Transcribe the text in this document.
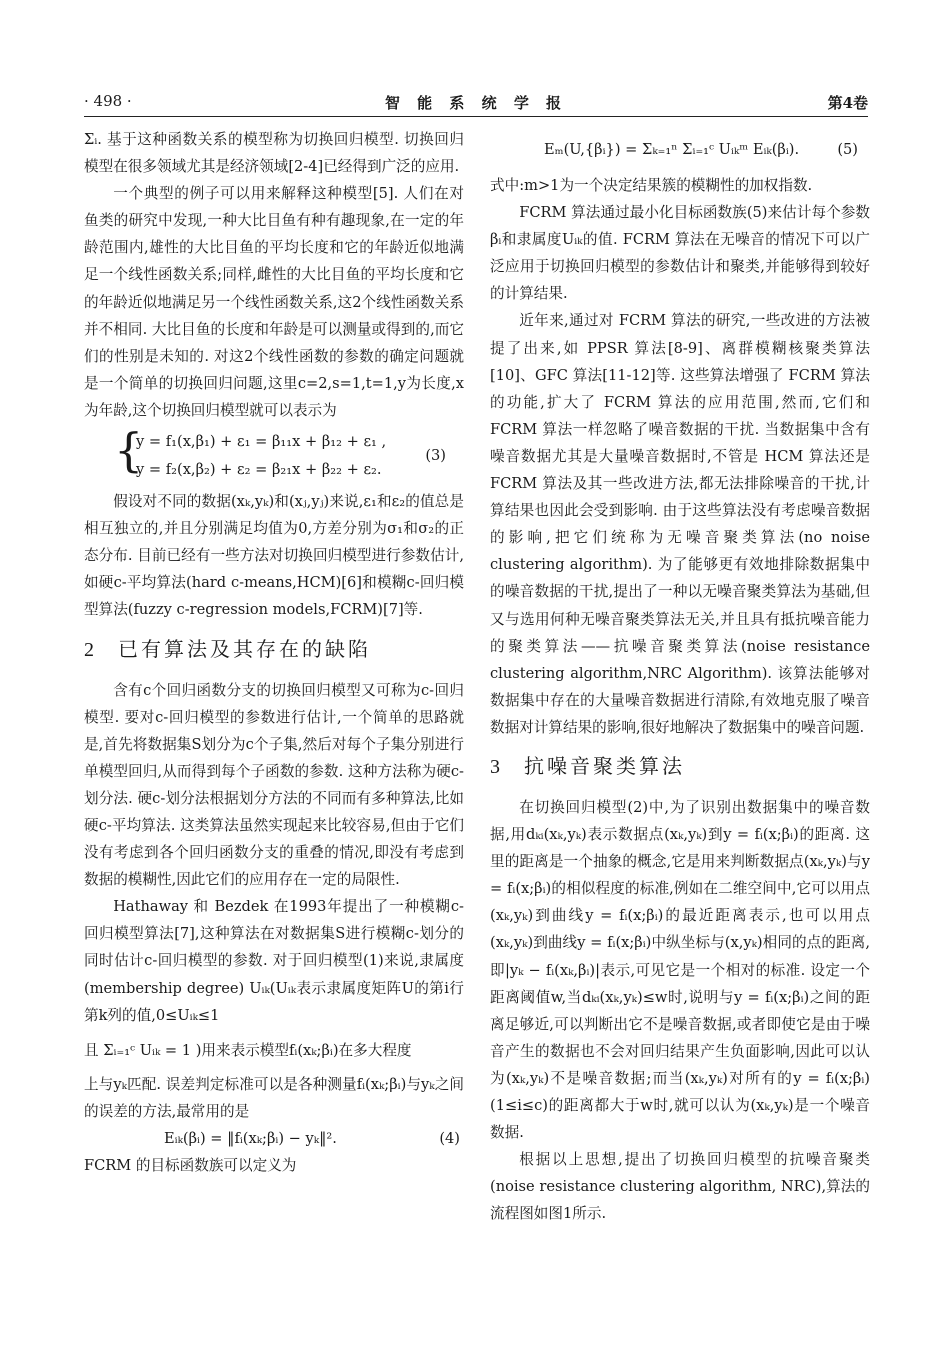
· 498 ·	智 能 系 统 学 报	第4卷

Σᵢ. 基于这种函数关系的模型称为切换回归模型. 切换回归模型在很多领域尤其是经济领域[2-4]已经得到广泛的应用.

一个典型的例子可以用来解释这种模型[5]. 人们在对鱼类的研究中发现,一种大比目鱼有种有趣现象,在一定的年龄范围内,雄性的大比目鱼的平均长度和它的年龄近似地满足一个线性函数关系;同样,雌性的大比目鱼的平均长度和它的年龄近似地满足另一个线性函数关系,这2个线性函数关系并不相同. 大比目鱼的长度和年龄是可以测量或得到的,而它们的性别是未知的. 对这2个线性函数的参数的确定问题就是一个简单的切换回归问题,这里c=2,s=1,t=1,y为长度,x为年龄,这个切换回归模型就可以表示为

{
y = f₁(x,β₁) + ε₁ = β₁₁x + β₁₂ + ε₁ ,
y = f₂(x,β₂) + ε₂ = β₂₁x + β₂₂ + ε₂.
(3)

假设对不同的数据(xₖ,yₖ)和(xⱼ,yⱼ)来说,ε₁和ε₂的值总是相互独立的,并且分别满足均值为0,方差分别为σ₁和σ₂的正态分布. 目前已经有一些方法对切换回归模型进行参数估计,如硬c-平均算法(hard c-means,HCM)[6]和模糊c-回归模型算法(fuzzy c-regression models,FCRM)[7]等.

2 已有算法及其存在的缺陷

含有c个回归函数分支的切换回归模型又可称为c-回归模型. 要对c-回归模型的参数进行估计,一个简单的思路就是,首先将数据集S划分为c个子集,然后对每个子集分别进行单模型回归,从而得到每个子函数的参数. 这种方法称为硬c-划分法. 硬c-划分法根据划分方法的不同而有多种算法,比如硬c-平均算法. 这类算法虽然实现起来比较容易,但由于它们没有考虑到各个回归函数分支的重叠的情况,即没有考虑到数据的模糊性,因此它们的应用存在一定的局限性.

Hathaway 和 Bezdek 在1993年提出了一种模糊c-回归模型算法[7],这种算法在对数据集S进行模糊c-划分的同时估计c-回归模型的参数. 对于回归模型(1)来说,隶属度(membership degree) Uᵢₖ(Uᵢₖ表示隶属度矩阵U的第i行第k列的值,0≤Uᵢₖ≤1

且 Σᵢ₌₁ᶜ Uᵢₖ = 1 )用来表示模型fᵢ(xₖ;βᵢ)在多大程度

上与yₖ匹配. 误差判定标准可以是各种测量fᵢ(xₖ;βᵢ)与yₖ之间的误差的方法,最常用的是

Eᵢₖ(βᵢ) = ‖fᵢ(xₖ;βᵢ) − yₖ‖².	(4)

FCRM 的目标函数族可以定义为

Eₘ(U,{βᵢ}) = Σₖ₌₁ⁿ Σᵢ₌₁ᶜ Uᵢₖᵐ Eᵢₖ(βᵢ).	(5)

式中:m>1为一个决定结果簇的模糊性的加权指数.

FCRM 算法通过最小化目标函数族(5)来估计每个参数βᵢ和隶属度Uᵢₖ的值. FCRM 算法在无噪音的情况下可以广泛应用于切换回归模型的参数估计和聚类,并能够得到较好的计算结果.

近年来,通过对 FCRM 算法的研究,一些改进的方法被提了出来,如 PPSR 算法[8-9]、离群模糊核聚类算法[10]、GFC 算法[11-12]等. 这些算法增强了 FCRM 算法的功能,扩大了 FCRM 算法的应用范围,然而,它们和 FCRM 算法一样忽略了噪音数据的干扰. 当数据集中含有噪音数据尤其是大量噪音数据时,不管是 HCM 算法还是 FCRM 算法及其一些改进方法,都无法排除噪音的干扰,计算结果也因此会受到影响. 由于这些算法没有考虑噪音数据的影响,把它们统称为无噪音聚类算法(no noise clustering algorithm). 为了能够更有效地排除数据集中的噪音数据的干扰,提出了一种以无噪音聚类算法为基础,但又与选用何种无噪音聚类算法无关,并且具有抵抗噪音能力的聚类算法——抗噪音聚类算法(noise resistance clustering algorithm,NRC Algorithm). 该算法能够对数据集中存在的大量噪音数据进行清除,有效地克服了噪音数据对计算结果的影响,很好地解决了数据集中的噪音问题.

3 抗噪音聚类算法

在切换回归模型(2)中,为了识别出数据集中的噪音数据,用dₖᵢ(xₖ,yₖ)表示数据点(xₖ,yₖ)到y = fᵢ(x;βᵢ)的距离. 这里的距离是一个抽象的概念,它是用来判断数据点(xₖ,yₖ)与y = fᵢ(x;βᵢ)的相似程度的标准,例如在二维空间中,它可以用点(xₖ,yₖ)到曲线y = fᵢ(x;βᵢ)的最近距离表示,也可以用点(xₖ,yₖ)到曲线y = fᵢ(x;βᵢ)中纵坐标与(x,yₖ)相同的点的距离,即|yₖ − fᵢ(xₖ,βᵢ)|表示,可见它是一个相对的标准. 设定一个距离阈值w,当dₖᵢ(xₖ,yₖ)≤w时,说明与y = fᵢ(x;βᵢ)之间的距离足够近,可以判断出它不是噪音数据,或者即使它是由于噪音产生的数据也不会对回归结果产生负面影响,因此可以认为(xₖ,yₖ)不是噪音数据;而当(xₖ,yₖ)对所有的y = fᵢ(x;βᵢ) (1≤i≤c)的距离都大于w时,就可以认为(xₖ,yₖ)是一个噪音数据.

根据以上思想,提出了切换回归模型的抗噪音聚类(noise resistance clustering algorithm, NRC),算法的流程图如图1所示.
